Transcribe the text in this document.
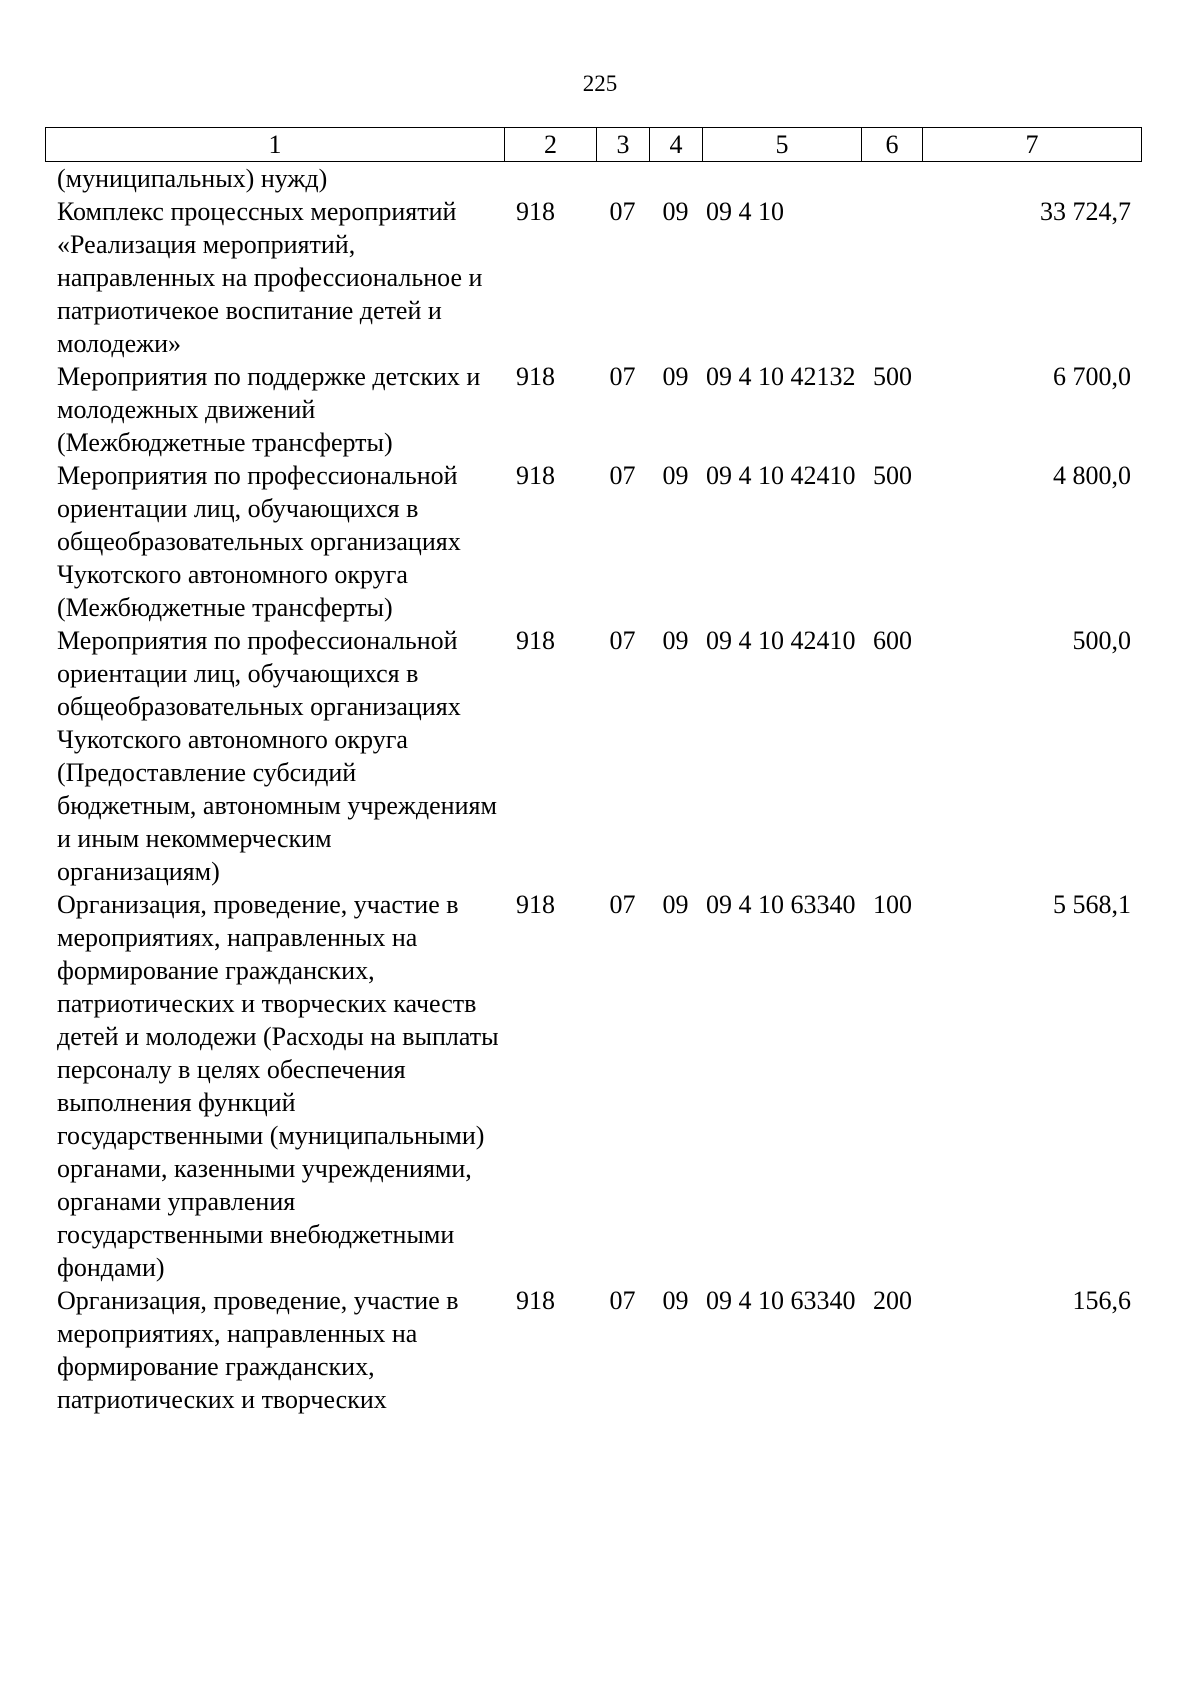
225
1	2	3	4	5	6	7
(муниципальных) нужд)						
Комплекс процессных мероприятий «Реализация мероприятий, направленных на профессиональное и патриотичекое воспитание детей и молодежи»	918	07	09	09 4 10		33 724,7
Мероприятия по поддержке детских и молодежных движений (Межбюджетные трансферты)	918	07	09	09 4 10 42132	500	6 700,0
Мероприятия по профессиональной ориентации лиц, обучающихся в общеобразовательных организациях Чукотского автономного округа (Межбюджетные трансферты)	918	07	09	09 4 10 42410	500	4 800,0
Мероприятия по профессиональной ориентации лиц, обучающихся в общеобразовательных организациях Чукотского автономного округа (Предоставление субсидий бюджетным, автономным учреждениям и иным некоммерческим организациям)	918	07	09	09 4 10 42410	600	500,0
Организация, проведение, участие в мероприятиях, направленных на формирование гражданских, патриотических и творческих качеств детей и молодежи (Расходы на выплаты персоналу в целях обеспечения выполнения функций государственными (муниципальными) органами, казенными учреждениями, органами управления государственными внебюджетными фондами)	918	07	09	09 4 10 63340	100	5 568,1
Организация, проведение, участие в мероприятиях, направленных на формирование гражданских, патриотических и творческих	918	07	09	09 4 10 63340	200	156,6
